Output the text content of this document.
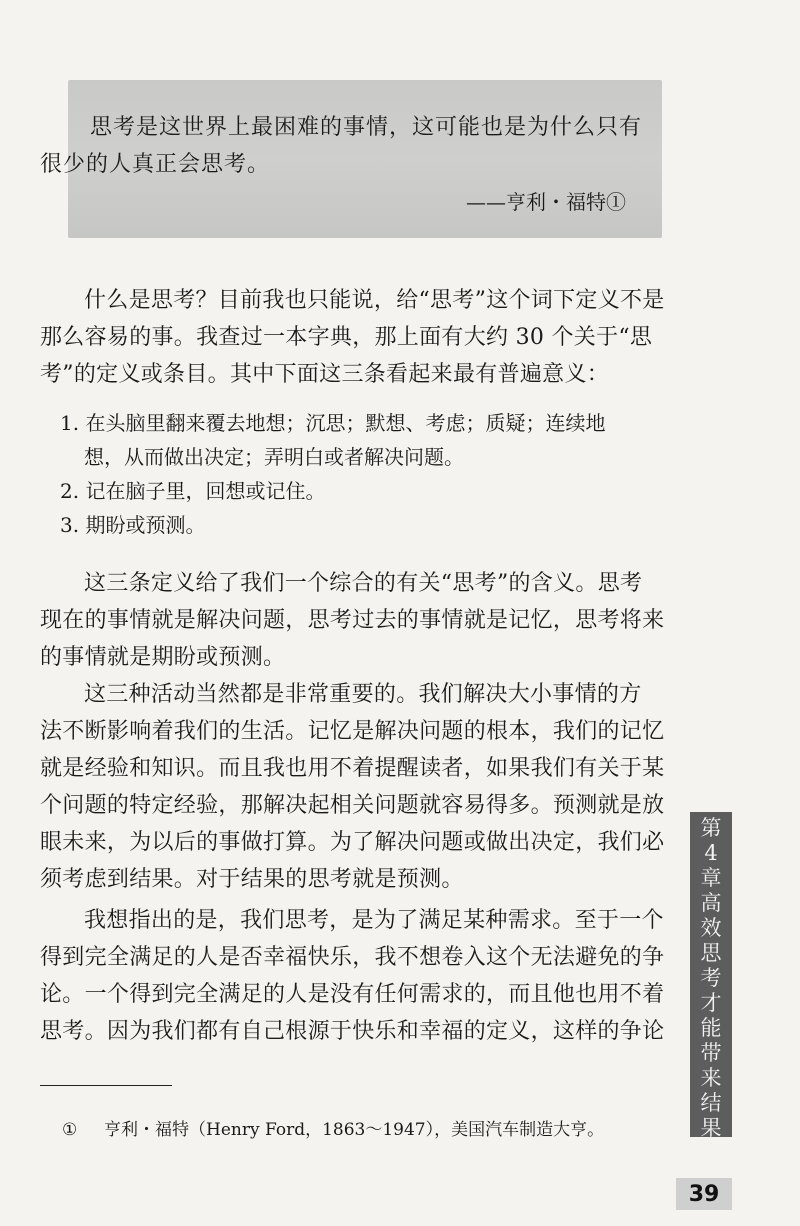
思考是这世界上最困难的事情，这可能也是为什么只有
很少的人真正会思考。
——亨利・福特①
什么是思考？目前我也只能说，给“思考”这个词下定义不是
那么容易的事。我查过一本字典，那上面有大约 30 个关于“思
考”的定义或条目。其中下面这三条看起来最有普遍意义：
1. 在头脑里翻来覆去地想；沉思；默想、考虑；质疑；连续地
想，从而做出决定；弄明白或者解决问题。
2. 记在脑子里，回想或记住。
3. 期盼或预测。
这三条定义给了我们一个综合的有关“思考”的含义。思考
现在的事情就是解决问题，思考过去的事情就是记忆，思考将来
的事情就是期盼或预测。
这三种活动当然都是非常重要的。我们解决大小事情的方
法不断影响着我们的生活。记忆是解决问题的根本，我们的记忆
就是经验和知识。而且我也用不着提醒读者，如果我们有关于某
个问题的特定经验，那解决起相关问题就容易得多。预测就是放
眼未来，为以后的事做打算。为了解决问题或做出决定，我们必
须考虑到结果。对于结果的思考就是预测。
我想指出的是，我们思考，是为了满足某种需求。至于一个
得到完全满足的人是否幸福快乐，我不想卷入这个无法避免的争
论。一个得到完全满足的人是没有任何需求的，而且他也用不着
思考。因为我们都有自己根源于快乐和幸福的定义，这样的争论
① 亨利・福特（Henry Ford，1863～1947），美国汽车制造大亨。
第
4
章
高
效
思
考
才
能
带
来
结
果
39
